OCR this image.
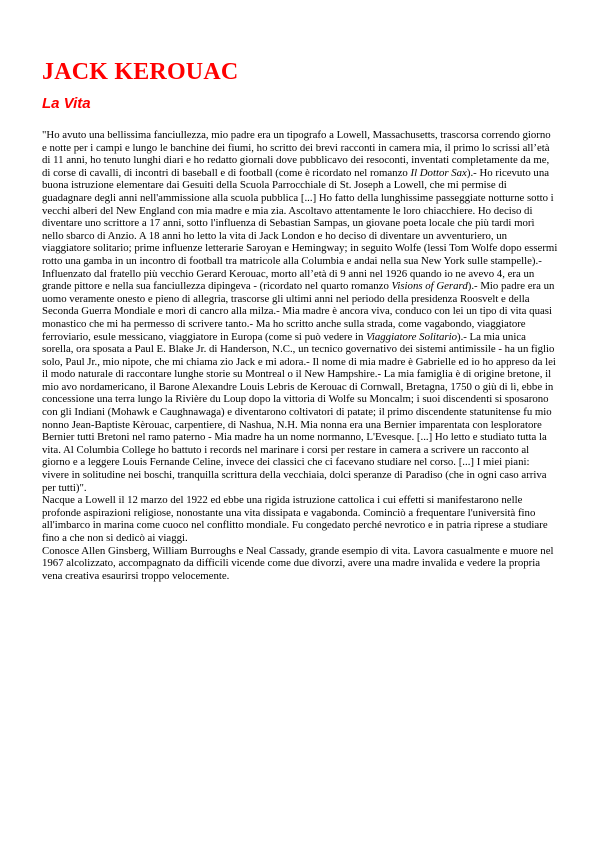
JACK KEROUAC
La Vita

"Ho avuto una bellissima fanciullezza, mio padre era un tipografo a Lowell, Massachusetts, trascorsa correndo giorno e notte per i campi e lungo le banchine dei fiumi, ho scritto dei brevi racconti in camera mia, il primo lo scrissi all’età di 11 anni, ho tenuto lunghi diari e ho redatto giornali dove pubblicavo dei resoconti, inventati completamente da me, di corse di cavalli, di incontri di baseball e di football (come è ricordato nel romanzo Il Dottor Sax).- Ho ricevuto una buona istruzione elementare dai Gesuiti della Scuola Parrocchiale di St. Joseph a Lowell, che mi permise di guadagnare degli anni nell'ammissione alla scuola pubblica [...] Ho fatto della lunghissime passeggiate notturne sotto i vecchi alberi del New England con mia madre e mia zia. Ascoltavo attentamente le loro chiacchiere. Ho deciso di diventare uno scrittore a 17 anni, sotto l'influenza di Sebastian Sampas, un giovane poeta locale che più tardi morì nello sbarco di Anzio. A 18 anni ho letto la vita di Jack London e ho deciso di diventare un avventuriero, un viaggiatore solitario; prime influenze letterarie Saroyan e Hemingway; in seguito Wolfe (lessi Tom Wolfe dopo essermi rotto una gamba in un incontro di football tra matricole alla Columbia e andai nella sua New York sulle stampelle).- Influenzato dal fratello più vecchio Gerard Kerouac, morto all’età di 9 anni nel 1926 quando io ne avevo 4, era un grande pittore e nella sua fanciullezza dipingeva - (ricordato nel quarto romanzo Visions of Gerard).- Mio padre era un uomo veramente onesto e pieno di allegria, trascorse gli ultimi anni nel periodo della presidenza Roosvelt e della Seconda Guerra Mondiale e morì di cancro alla milza.- Mia madre è ancora viva, conduco con lei un tipo di vita quasi monastico che mi ha permesso di scrivere tanto.- Ma ho scritto anche sulla strada, come vagabondo, viaggiatore ferroviario, esule messicano, viaggiatore in Europa (come si può vedere in Viaggiatore Solitario).- La mia unica sorella, ora sposata a Paul E. Blake Jr. di Handerson, N.C., un tecnico governativo dei sistemi antimissile - ha un figlio solo, Paul Jr., mio nipote, che mi chiama zio Jack e mi adora.- Il nome di mia madre è Gabrielle ed io ho appreso da lei il modo naturale di raccontare lunghe storie su Montreal o il New Hampshire.- La mia famiglia è di origine bretone, il mio avo nordamericano, il Barone Alexandre Louis Lebris de Kerouac di Cornwall, Bretagna, 1750 o giù di lì, ebbe in concessione una terra lungo la Rivière du Loup dopo la vittoria di Wolfe su Moncalm; i suoi discendenti si sposarono con gli Indiani (Mohawk e Caughnawaga) e diventarono coltivatori di patate; il primo discendente statunitense fu mio nonno Jean-Baptiste Kèrouac, carpentiere, di Nashua, N.H. Mia nonna era una Bernier imparentata con lesploratore Bernier tutti Bretoni nel ramo paterno - Mia madre ha un nome normanno, L'Evesque. [...] Ho letto e studiato tutta la vita. Al Columbia College ho battuto i records nel marinare i corsi per restare in camera a scrivere un racconto al giorno e a leggere Louis Fernande Celine, invece dei classici che ci facevano studiare nel corso. [...] I miei piani: vivere in solitudine nei boschi, tranquilla scrittura della vecchiaia, dolci speranze di Paradiso (che in ogni caso arriva per tutti)".

Nacque a Lowell il 12 marzo del 1922 ed ebbe una rigida istruzione cattolica i cui effetti si manifestarono nelle profonde aspirazioni religiose, nonostante una vita dissipata e vagabonda. Cominciò a frequentare l'università fino all'imbarco in marina come cuoco nel conflitto mondiale. Fu congedato perché nevrotico e in patria riprese a studiare fino a che non si dedicò ai viaggi.

Conosce Allen Ginsberg, William Burroughs e Neal Cassady, grande esempio di vita. Lavora casualmente e muore nel 1967 alcolizzato, accompagnato da difficili vicende come due divorzi, avere una madre invalida e vedere la propria vena creativa esaurirsi troppo velocemente.
